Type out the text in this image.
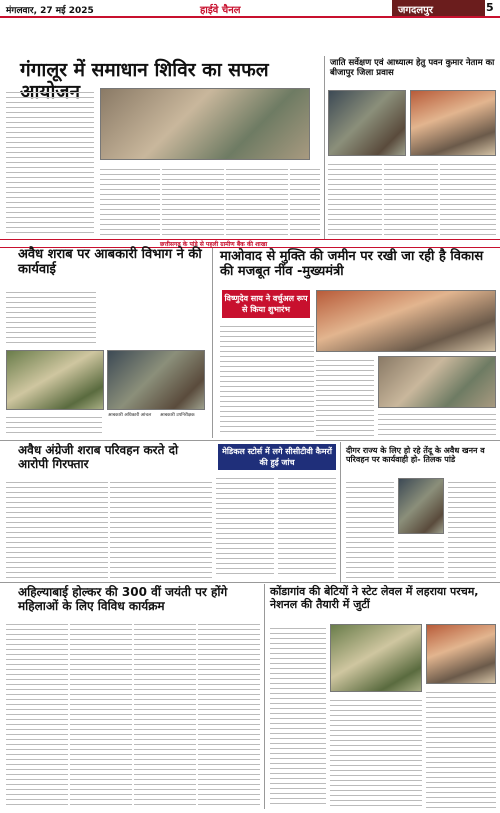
मंगलवार, 27 मई 2025	हाईवे चैनल	जगदलपुर	5
गंगालूर में समाधान शिविर का सफल आयोजन
जाति सर्वेक्षण एवं आध्यात्म हेतु पवन कुमार नेताम का बीजापुर जिला प्रवास
छत्तीसगढ़ के पांडे से पहली ग्रामीण बैंक की शाखा
अवैध शराब पर आबकारी विभाग ने की कार्यवाई
आबकारी अधिकारी आंचल	आबकारी उपनिरीक्षक
माओवाद से मुक्ति की जमीन पर रखी जा रही है विकास की मजबूत नींव -मुख्यमंत्री
विष्णुदेव साय ने वर्चुअल रूप से किया शुभारंभ
अवैध अंग्रेजी शराब परिवहन करते दो आरोपी गिरफ्तार
मेडिकल स्टोर्स में लगे सीसीटीवी कैमरों की हुई जांच
दीगर राज्य के लिए हो रहे तेंदू के अवैध खनन व परिवहन पर कार्यवाही हो- तिलक पांडे
अहिल्याबाई होल्कर की 300 वीं जयंती पर होंगे महिलाओं के लिए विविध कार्यक्रम
कोंडागांव की बेटियों ने स्टेट लेवल में लहराया परचम, नेशनल की तैयारी में जुटीं
